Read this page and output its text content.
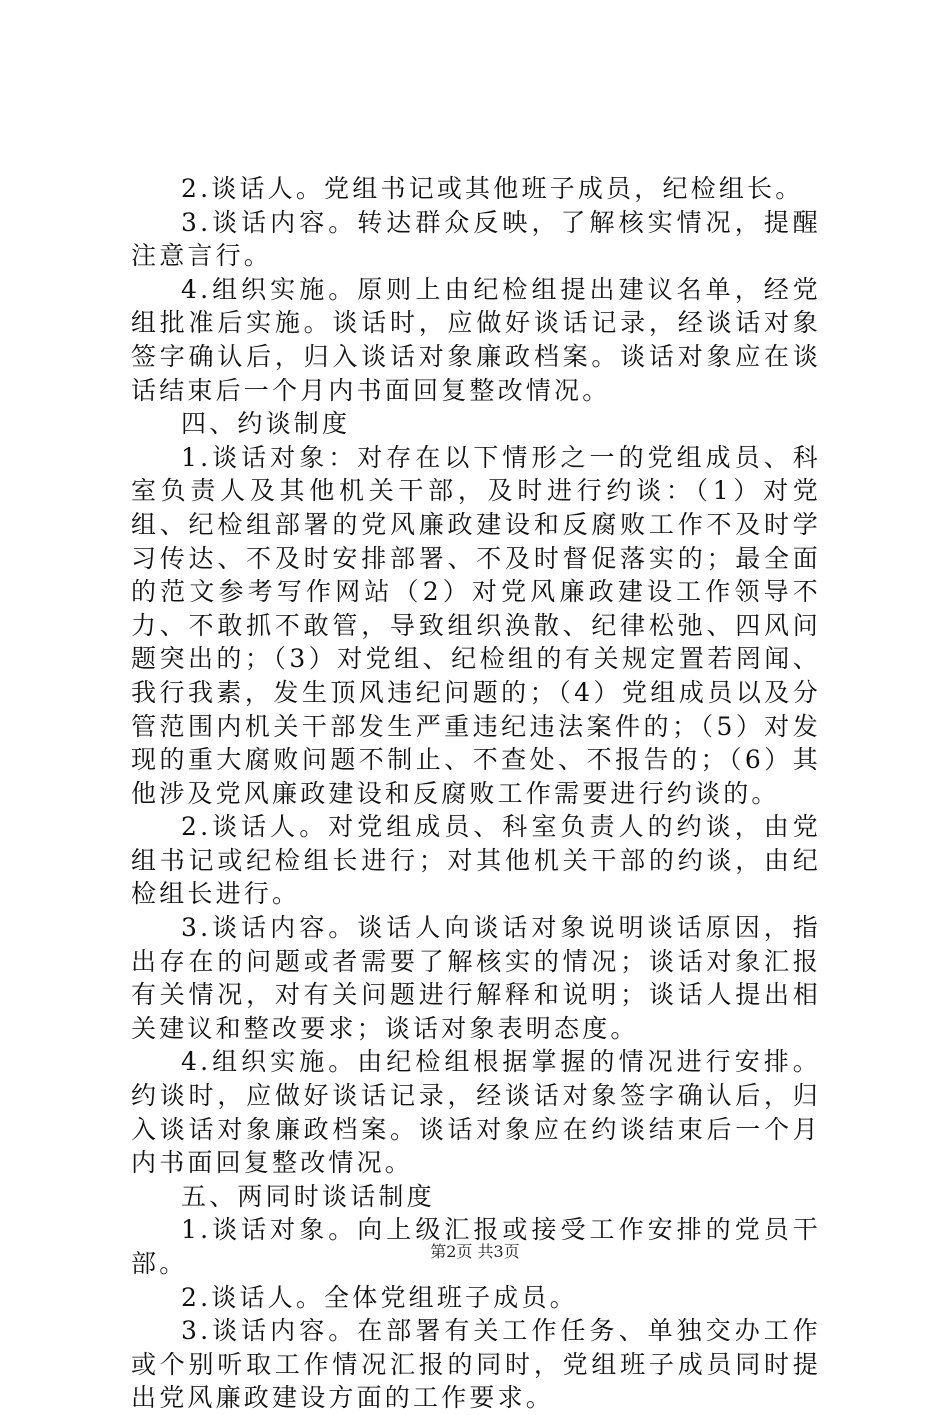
2.谈话人。党组书记或其他班子成员，纪检组长。

3.谈话内容。转达群众反映，了解核实情况，提醒注意言行。

4.组织实施。原则上由纪检组提出建议名单，经党组批准后实施。谈话时，应做好谈话记录，经谈话对象签字确认后，归入谈话对象廉政档案。谈话对象应在谈话结束后一个月内书面回复整改情况。

四、约谈制度

1.谈话对象：对存在以下情形之一的党组成员、科室负责人及其他机关干部，及时进行约谈：（1）对党组、纪检组部署的党风廉政建设和反腐败工作不及时学习传达、不及时安排部署、不及时督促落实的；最全面的范文参考写作网站（2）对党风廉政建设工作领导不力、不敢抓不敢管，导致组织涣散、纪律松弛、四风问题突出的；（3）对党组、纪检组的有关规定置若罔闻、我行我素，发生顶风违纪问题的；（4）党组成员以及分管范围内机关干部发生严重违纪违法案件的；（5）对发现的重大腐败问题不制止、不查处、不报告的；（6）其他涉及党风廉政建设和反腐败工作需要进行约谈的。

2.谈话人。对党组成员、科室负责人的约谈，由党组书记或纪检组长进行；对其他机关干部的约谈，由纪检组长进行。

3.谈话内容。谈话人向谈话对象说明谈话原因，指出存在的问题或者需要了解核实的情况；谈话对象汇报有关情况，对有关问题进行解释和说明；谈话人提出相关建议和整改要求；谈话对象表明态度。

4.组织实施。由纪检组根据掌握的情况进行安排。约谈时，应做好谈话记录，经谈话对象签字确认后，归入谈话对象廉政档案。谈话对象应在约谈结束后一个月内书面回复整改情况。

五、两同时谈话制度

1.谈话对象。向上级汇报或接受工作安排的党员干部。

2.谈话人。全体党组班子成员。

3.谈话内容。在部署有关工作任务、单独交办工作或个别听取工作情况汇报的同时，党组班子成员同时提出党风廉政建设方面的工作要求。

第2页 共3页
